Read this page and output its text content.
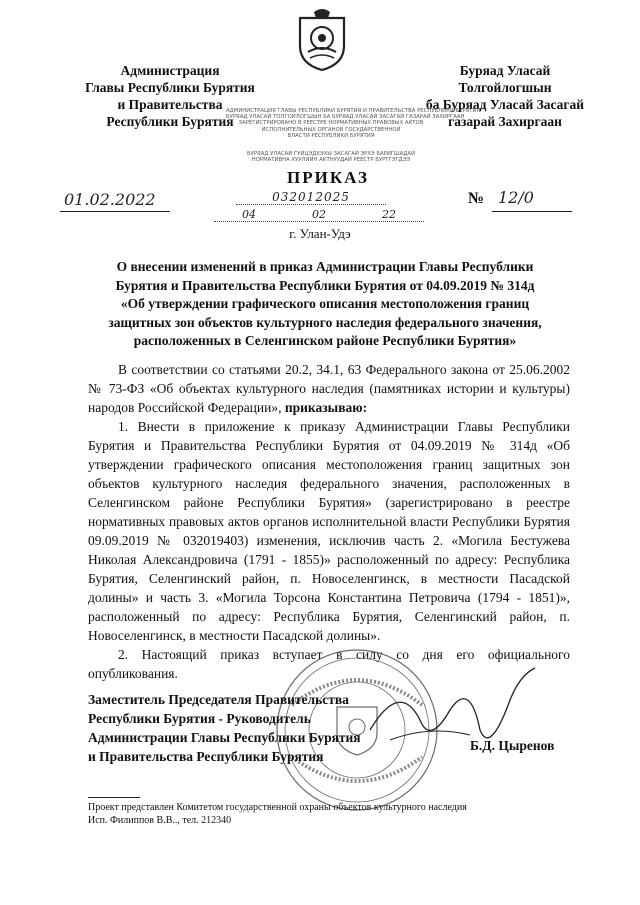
Администрация
Главы Республики Бурятия
и Правительства
Республики Бурятия
Буряад Уласай
Толгойлогшын
ба Буряад Уласай Засагай
газарай Захиргаан
АДМИНИСТРАЦИЯ ГЛАВЫ РЕСПУБЛИКИ БУРЯТИЯ И ПРАВИТЕЛЬСТВА РЕСПУБЛИКИ БУРЯТИЯ
БУРЯАД УЛАСАЙ ТОЛГОЙЛОГШЫН БА БУРЯАД УЛАСАЙ ЗАСАГАЙ ГАЗАРАЙ ЗАХИРГААН
ЗАРЕГИСТРИРОВАНО В РЕЕСТРЕ НОРМАТИВНЫХ ПРАВОВЫХ АКТОВ
ИСПОЛНИТЕЛЬНЫХ ОРГАНОВ ГОСУДАРСТВЕННОЙ
ВЛАСТИ РЕСПУБЛИКИ БУРЯТИЯ
БУРЯАД УЛАСАЙ ГУЙЦЭДХЭХЫ ЗАСАГАЙ ЭРХЭ БАРИГШАДАЙ
НОРМАТИВНА ХУУЛИИН АКТНУУДАЙ РЕЕСТР БУРТГЭГДЭЭ
ПРИКАЗ
01.02.2022	032012025
04	02	22
№ 12/0
г. Улан-Удэ
О внесении изменений в приказ Администрации Главы Республики
Бурятия и Правительства Республики Бурятия от 04.09.2019 № 314д
«Об утверждении графического описания местоположения границ
защитных зон объектов культурного наследия федерального значения,
расположенных в Селенгинском районе Республики Бурятия»

В соответствии со статьями 20.2, 34.1, 63 Федерального закона от 25.06.2002 № 73-ФЗ «Об объектах культурного наследия (памятниках истории и культуры) народов Российской Федерации», приказываю:

1. Внести в приложение к приказу Администрации Главы Республики Бурятия и Правительства Республики Бурятия от 04.09.2019 № 314д «Об утверждении графического описания местоположения границ защитных зон объектов культурного наследия федерального значения, расположенных в Селенгинском районе Республики Бурятия» (зарегистрировано в реестре нормативных правовых актов органов исполнительной власти Республики Бурятия 09.09.2019 № 032019403) изменения, исключив часть 2. «Могила Бестужева Николая Александровича (1791 - 1855)» расположенный по адресу: Республика Бурятия, Селенгинский район, п. Новоселенгинск, в местности Пасадской долины» и часть 3. «Могила Торсона Константина Петровича (1794 - 1851)», расположенный по адресу: Республика Бурятия, Селенгинский район, п. Новоселенгинск, в местности Пасадской долины».

2. Настоящий приказ вступает в силу со дня его официального опубликования.

Заместитель Председателя Правительства
Республики Бурятия - Руководитель
Администрации Главы Республики Бурятия
и Правительства Республики Бурятия
Б.Д. Цыренов
Проект представлен Комитетом государственной охраны объектов культурного наследия
Исп. Филиппов В.В.., тел. 212340
